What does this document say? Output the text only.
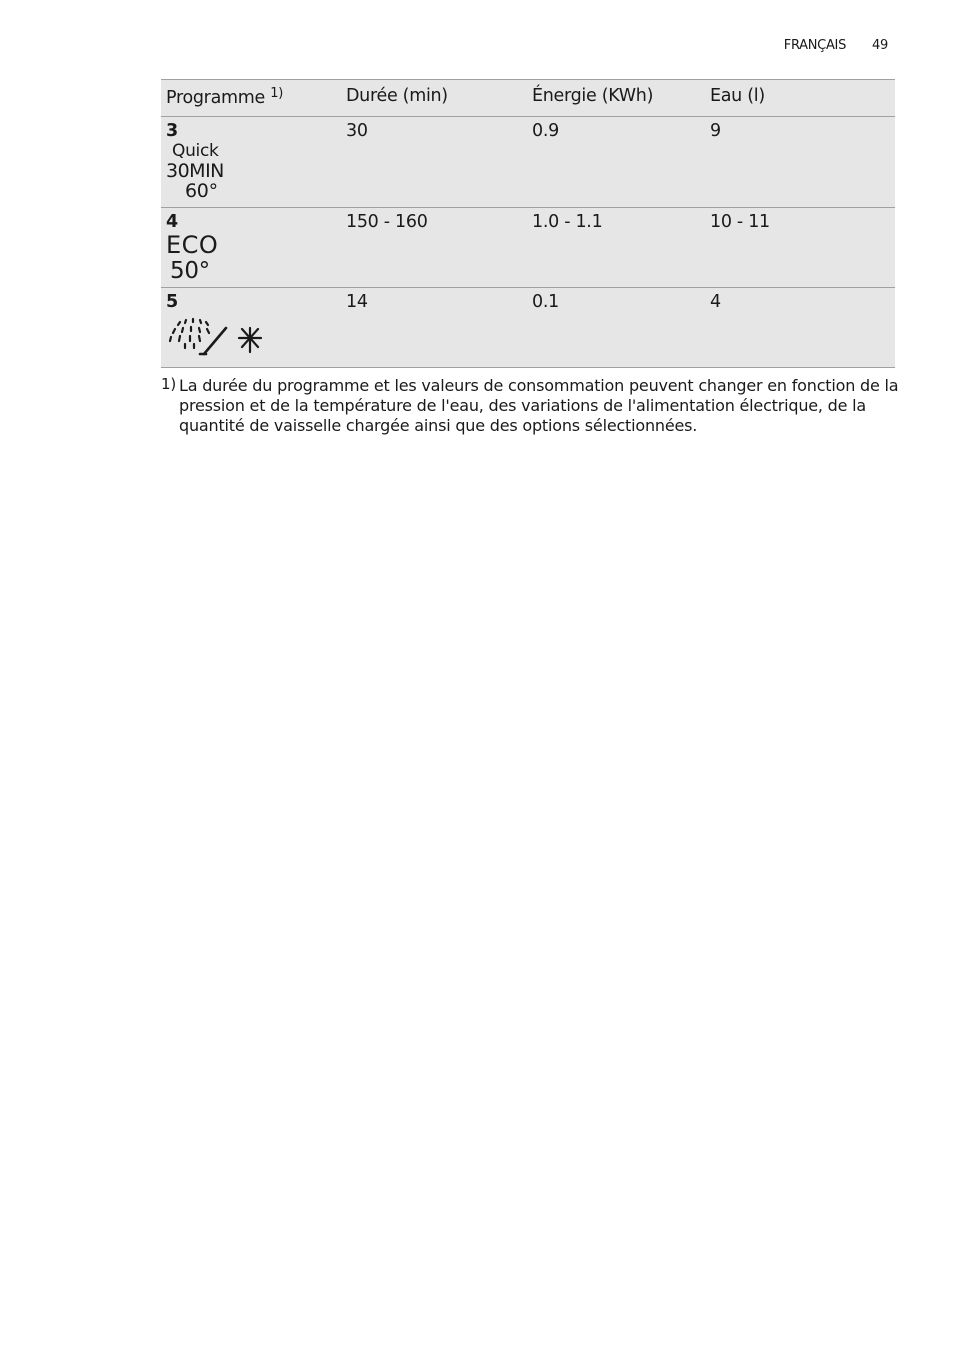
FRANÇAIS 49
Programme $^{1)}$	Durée (min)	Énergie (KWh)	Eau (l)

3
Quick
30MIN
60°	30	0.9	9

4
ECO
50°	150 - 160	1.0 - 1.1	10 - 11

5	14	0.1	4
1) La durée du programme et les valeurs de consommation peuvent changer en fonction de la pression et de la température de l'eau, des variations de l'alimentation électrique, de la quantité de vaisselle chargée ainsi que des options sélectionnées.
